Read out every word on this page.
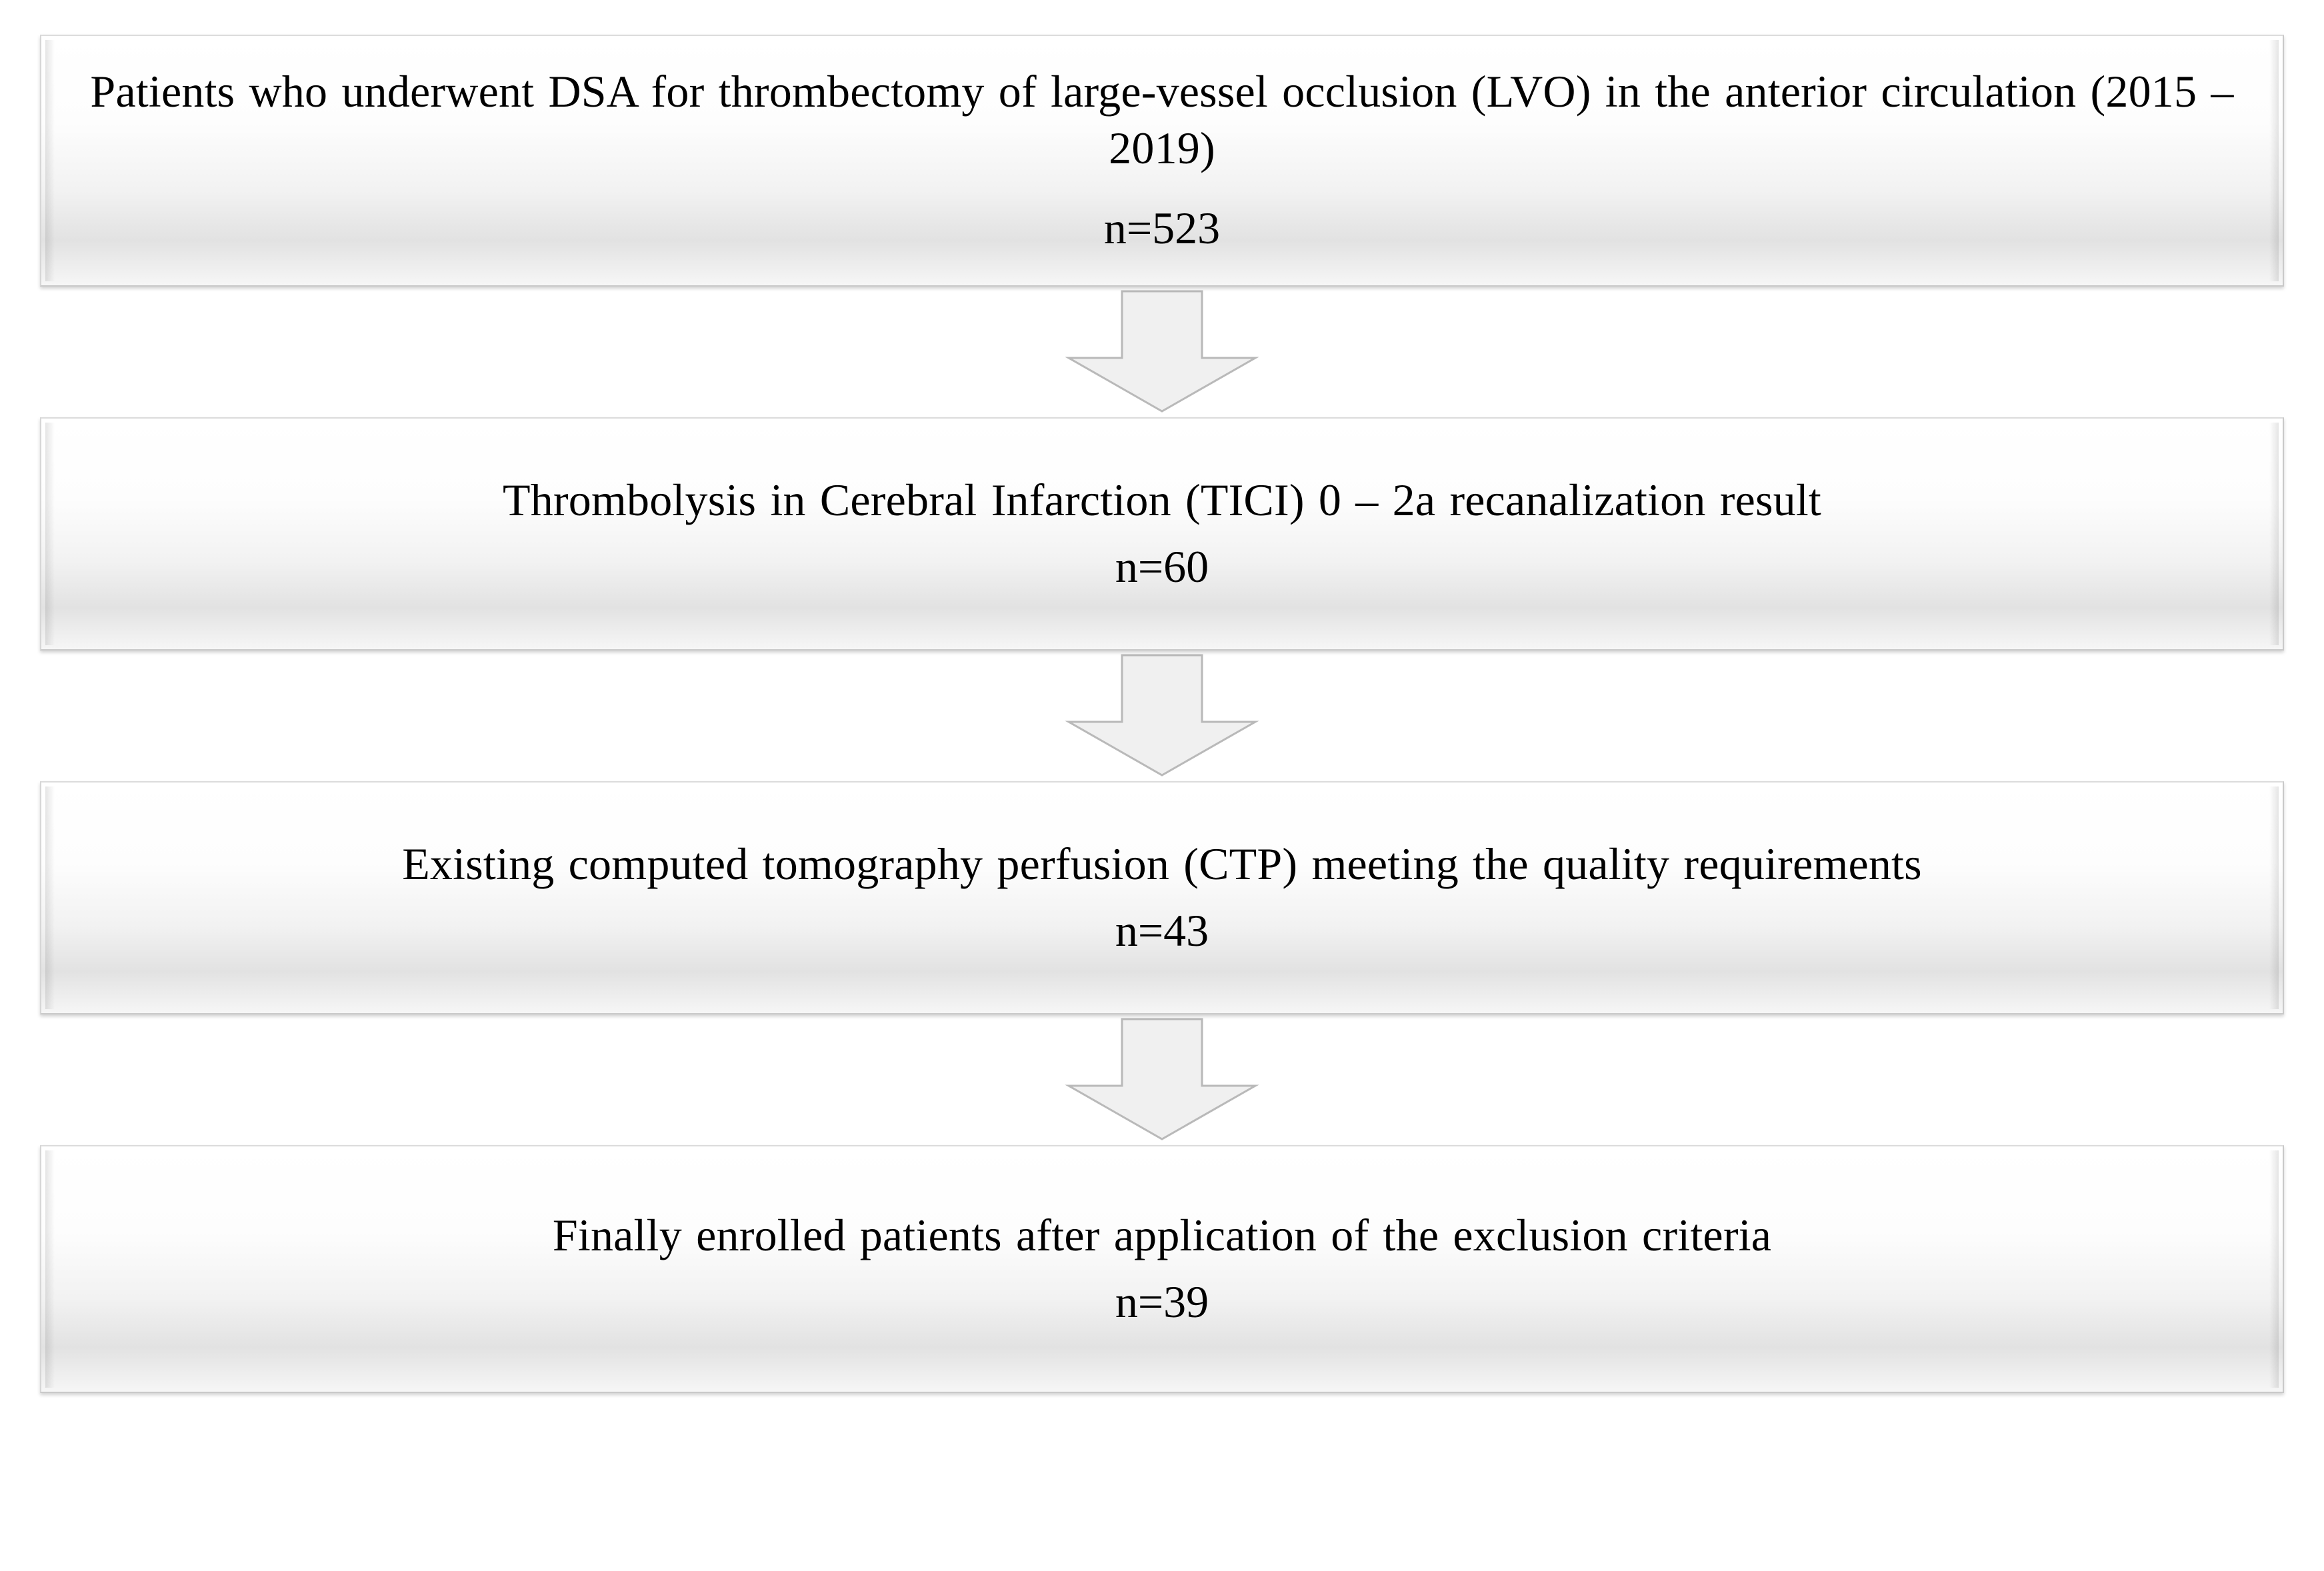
Patients who underwent DSA for thrombectomy of large-vessel occlusion (LVO) in the anterior circulation (2015 – 2019)
n=523
Thrombolysis in Cerebral Infarction (TICI) 0 – 2a recanalization result
n=60
Existing computed tomography perfusion (CTP) meeting the quality requirements
n=43
Finally enrolled patients after application of the exclusion criteria
n=39
